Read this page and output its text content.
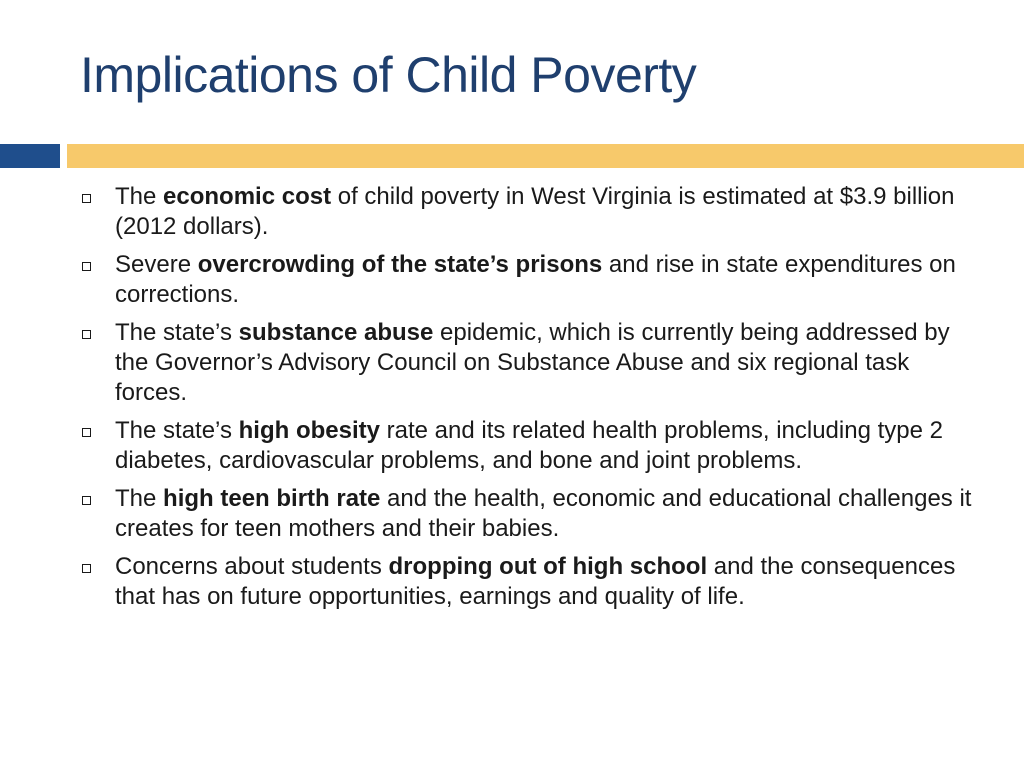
Implications of Child Poverty
The economic cost of child poverty in West Virginia is estimated at $3.9 billion (2012 dollars).
Severe overcrowding of the state’s prisons and rise in state expenditures on corrections.
The state’s substance abuse epidemic, which is currently being addressed by the Governor’s Advisory Council on Substance Abuse and six regional task forces.
The state’s high obesity rate and its related health problems, including type 2 diabetes, cardiovascular problems, and bone and joint problems.
The high teen birth rate and the health, economic and educational challenges it creates for teen mothers and their babies.
Concerns about students dropping out of high school and the consequences that has on future opportunities, earnings and quality of life.
